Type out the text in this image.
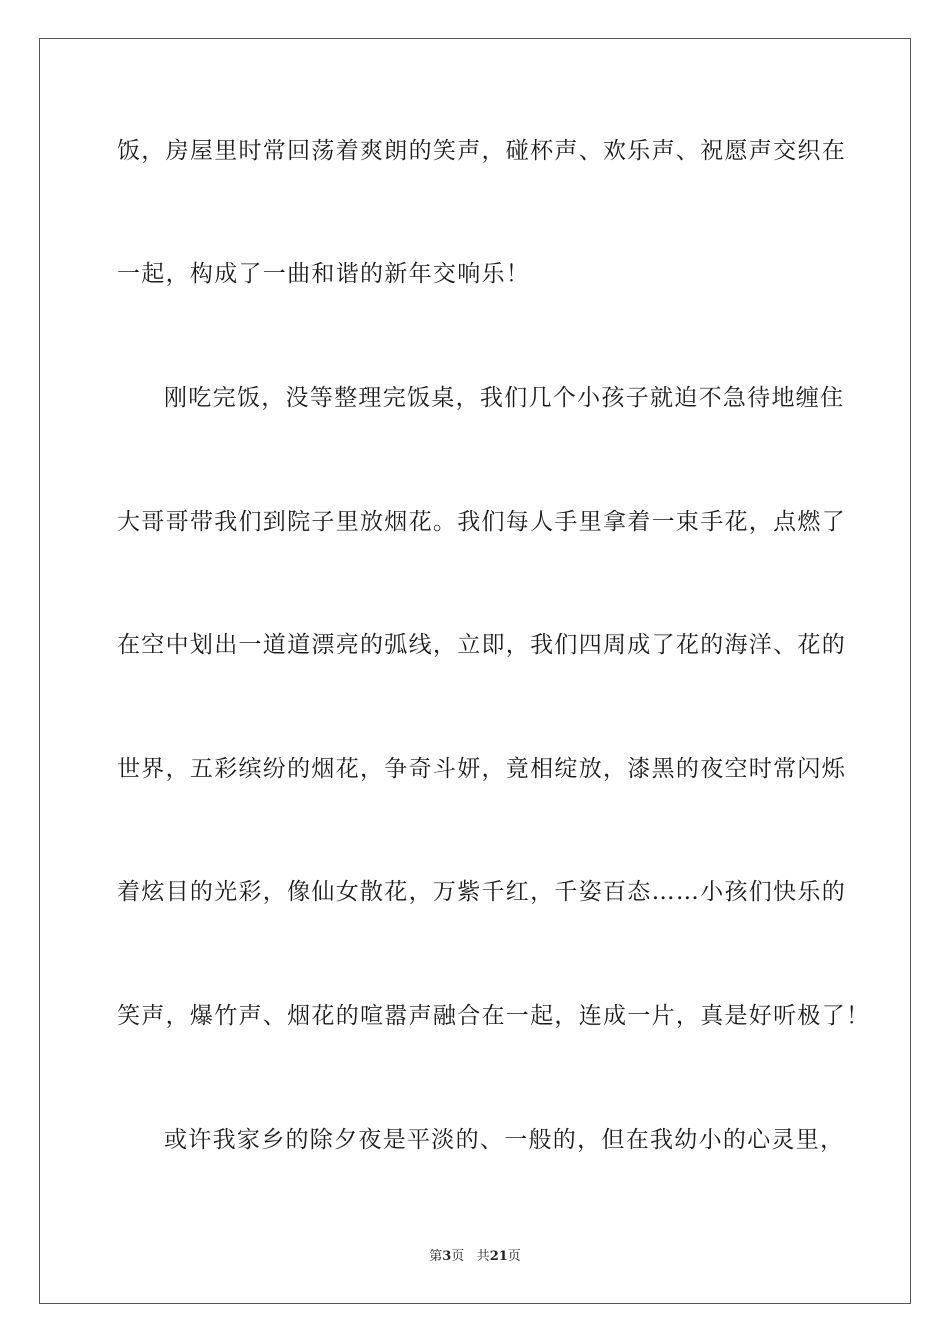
饭，房屋里时常回荡着爽朗的笑声，碰杯声、欢乐声、祝愿声交织在
一起，构成了一曲和谐的新年交响乐！
刚吃完饭，没等整理完饭桌，我们几个小孩子就迫不急待地缠住
大哥哥带我们到院子里放烟花。我们每人手里拿着一束手花，点燃了
在空中划出一道道漂亮的弧线，立即，我们四周成了花的海洋、花的
世界，五彩缤纷的烟花，争奇斗妍，竟相绽放，漆黑的夜空时常闪烁
着炫目的光彩，像仙女散花，万紫千红，千姿百态……小孩们快乐的
笑声，爆竹声、烟花的喧嚣声融合在一起，连成一片，真是好听极了！
或许我家乡的除夕夜是平淡的、一般的，但在我幼小的心灵里，
第3页 共21页
